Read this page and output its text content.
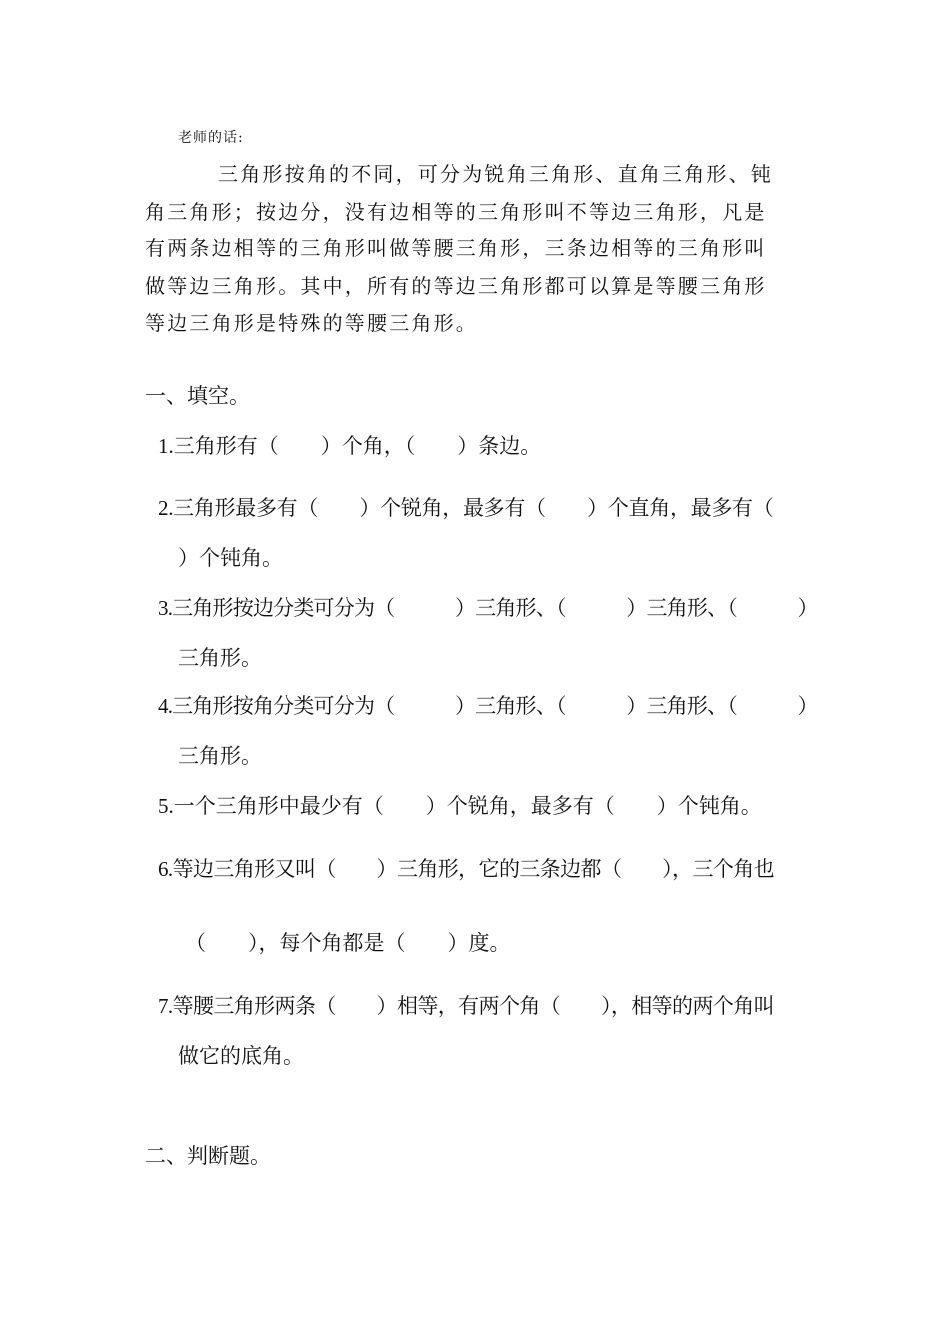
老师的话:
三角形按角的不同，可分为锐角三角形、直角三角形、钝
角三角形；按边分，没有边相等的三角形叫不等边三角形，凡是
有两条边相等的三角形叫做等腰三角形，三条边相等的三角形叫
做等边三角形。其中，所有的等边三角形都可以算是等腰三角形
等边三角形是特殊的等腰三角形。
一、填空。
1.三角形有（　　）个角，（　　）条边。
2.三角形最多有（　　）个锐角，最多有（　　）个直角，最多有（
）个钝角。
3.三角形按边分类可分为（　　　）三角形、（　　　）三角形、（　　　）
三角形。
4.三角形按角分类可分为（　　　）三角形、（　　　）三角形、（　　　）
三角形。
5.一个三角形中最少有（　　）个锐角，最多有（　　）个钝角。
6.等边三角形又叫（　　）三角形，它的三条边都（　　），三个角也
（　　），每个角都是（　　）度。
7.等腰三角形两条（　　）相等，有两个角（　　），相等的两个角叫
做它的底角。
二、判断题。
